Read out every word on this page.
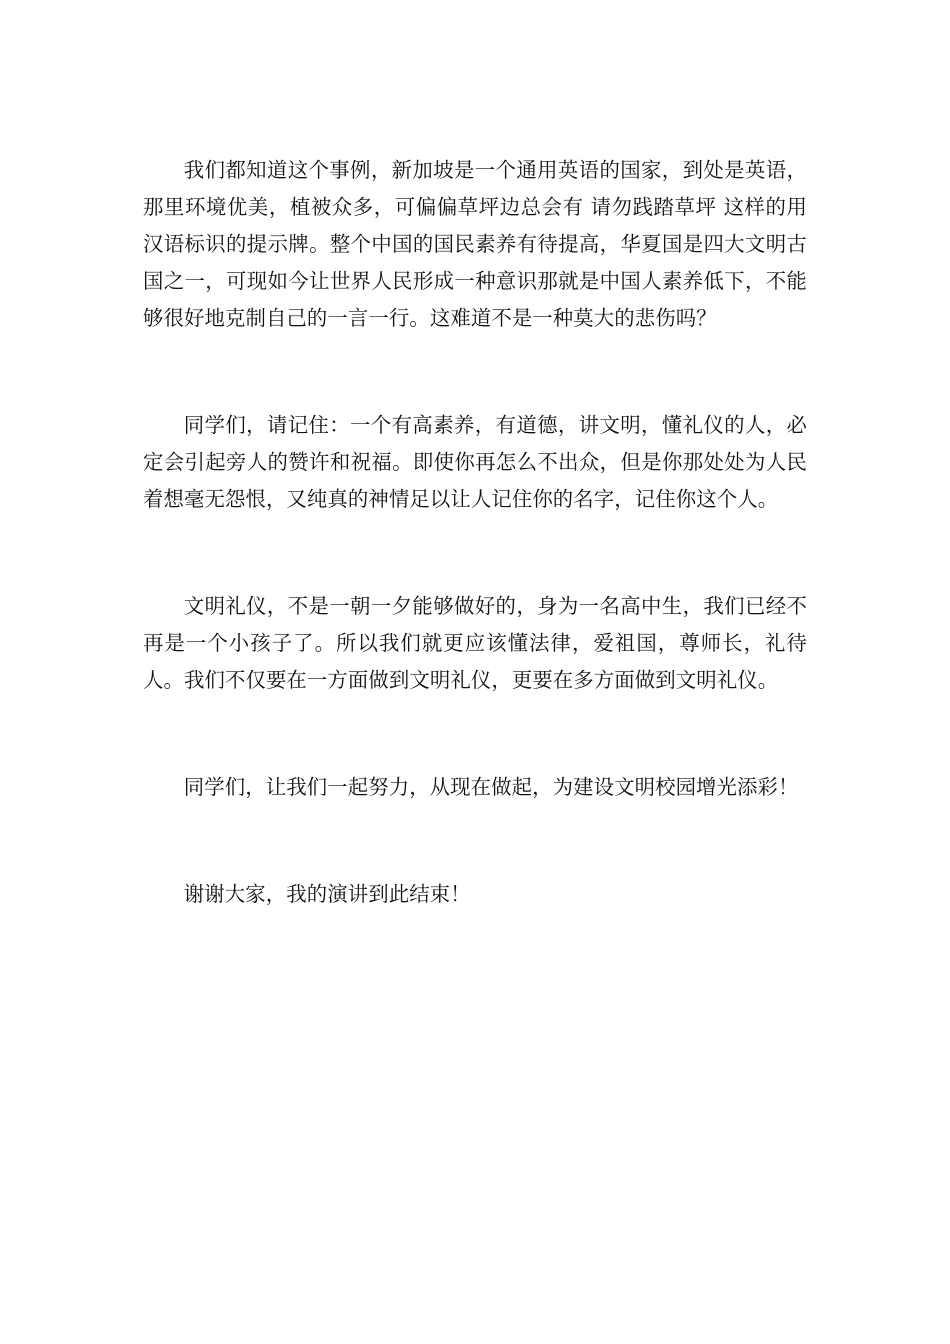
我们都知道这个事例，新加坡是一个通用英语的国家，到处是英语，那里环境优美，植被众多，可偏偏草坪边总会有 请勿践踏草坪 这样的用汉语标识的提示牌。整个中国的国民素养有待提高，华夏国是四大文明古国之一，可现如今让世界人民形成一种意识那就是中国人素养低下，不能够很好地克制自己的一言一行。这难道不是一种莫大的悲伤吗？

同学们，请记住：一个有高素养，有道德，讲文明，懂礼仪的人，必定会引起旁人的赞许和祝福。即使你再怎么不出众，但是你那处处为人民着想毫无怨恨，又纯真的神情足以让人记住你的名字，记住你这个人。

文明礼仪，不是一朝一夕能够做好的，身为一名高中生，我们已经不再是一个小孩子了。所以我们就更应该懂法律，爱祖国，尊师长，礼待人。我们不仅要在一方面做到文明礼仪，更要在多方面做到文明礼仪。

同学们，让我们一起努力，从现在做起，为建设文明校园增光添彩！

谢谢大家，我的演讲到此结束！
